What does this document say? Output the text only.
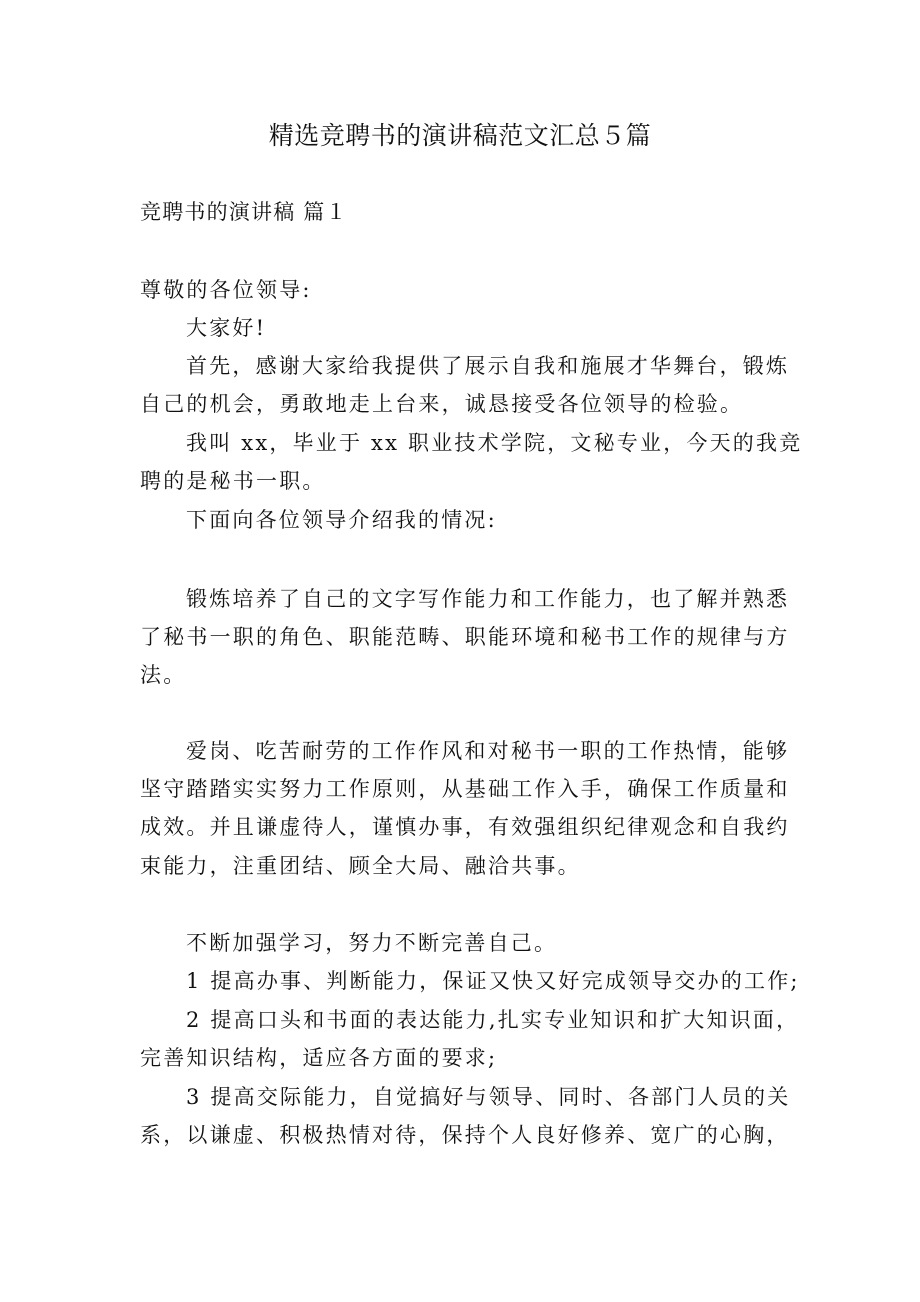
精选竞聘书的演讲稿范文汇总５篇
竞聘书的演讲稿 篇１
尊敬的各位领导:
大家好!
首先，感谢大家给我提供了展示自我和施展才华舞台，锻炼
自己的机会，勇敢地走上台来，诚恳接受各位领导的检验。
我叫 xx，毕业于 xx 职业技术学院，文秘专业，今天的我竞
聘的是秘书一职。
下面向各位领导介绍我的情况:
锻炼培养了自己的文字写作能力和工作能力，也了解并熟悉
了秘书一职的角色、职能范畴、职能环境和秘书工作的规律与方
法。
爱岗、吃苦耐劳的工作作风和对秘书一职的工作热情，能够
坚守踏踏实实努力工作原则，从基础工作入手，确保工作质量和
成效。并且谦虚待人，谨慎办事，有效强组织纪律观念和自我约
束能力，注重团结、顾全大局、融洽共事。
不断加强学习，努力不断完善自己。
1 提高办事、判断能力，保证又快又好完成领导交办的工作;
2 提高口头和书面的表达能力,扎实专业知识和扩大知识面，
完善知识结构，适应各方面的要求;
3 提高交际能力，自觉搞好与领导、同时、各部门人员的关
系，以谦虚、积极热情对待，保持个人良好修养、宽广的心胸，
